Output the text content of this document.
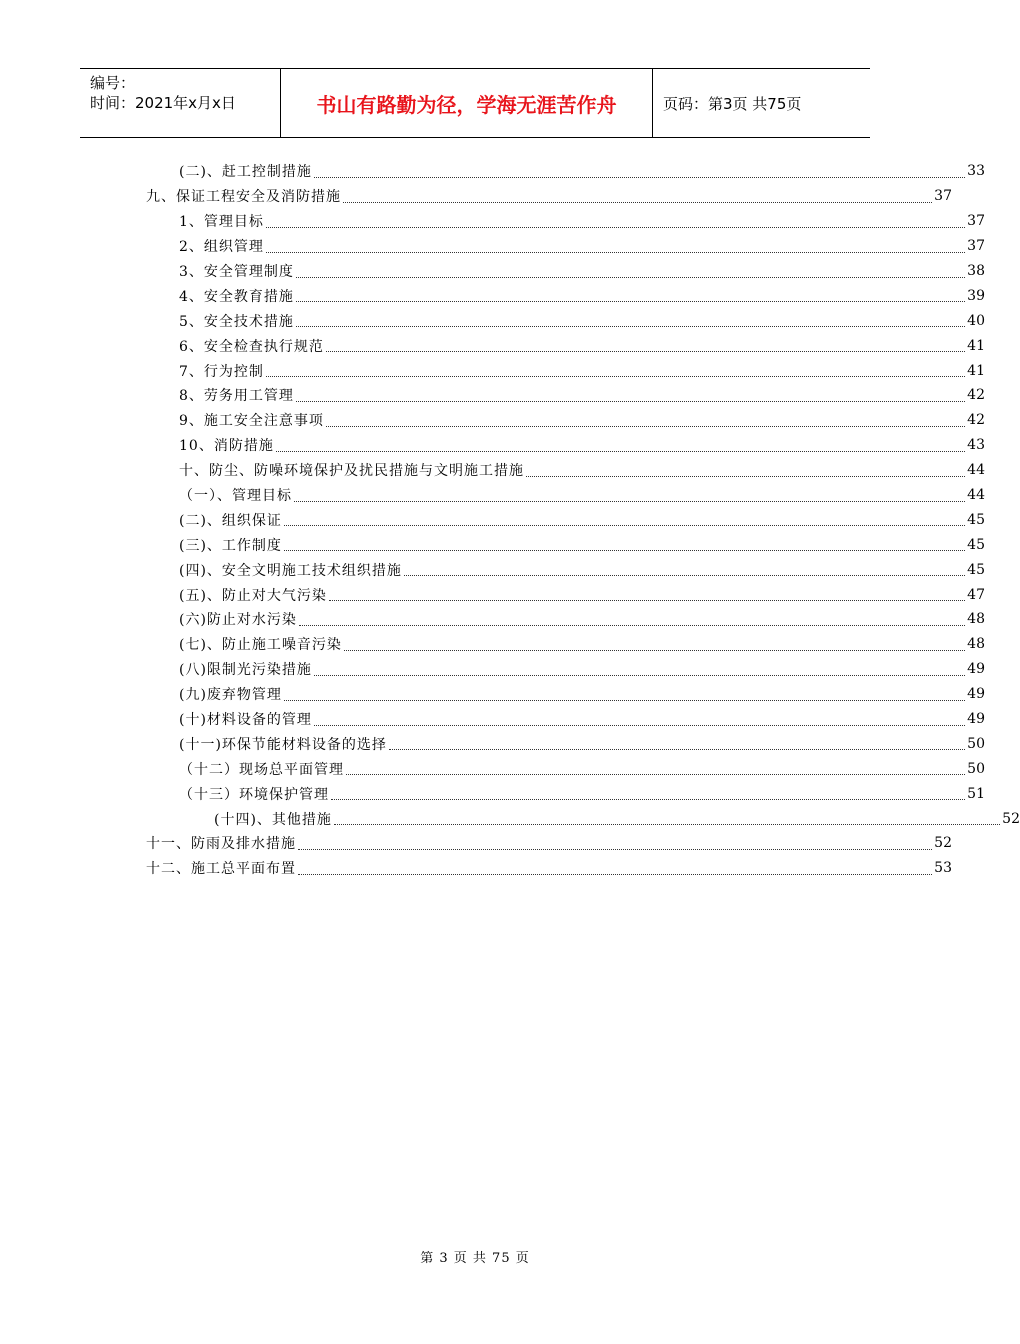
编号：
时间：2021年x月x日	书山有路勤为径，学海无涯苦作舟	页码：第3页 共75页
(二)、赶工控制措施	33
九、保证工程安全及消防措施	37
1、管理目标	37
2、组织管理	37
3、安全管理制度	38
4、安全教育措施	39
5、安全技术措施	40
6、安全检查执行规范	41
7、行为控制	41
8、劳务用工管理	42
9、施工安全注意事项	42
10、消防措施	43
十、防尘、防噪环境保护及扰民措施与文明施工措施	44
（一）、管理目标	44
(二)、组织保证	45
(三)、工作制度	45
(四)、安全文明施工技术组织措施	45
(五)、防止对大气污染	47
(六)防止对水污染	48
(七)、防止施工噪音污染	48
(八)限制光污染措施	49
(九)废弃物管理	49
(十)材料设备的管理	49
(十一)环保节能材料设备的选择	50
（十二）现场总平面管理	50
（十三）环境保护管理	51
(十四)、其他措施	52
十一、防雨及排水措施	52
十二、施工总平面布置	53
第 3 页 共 75 页
